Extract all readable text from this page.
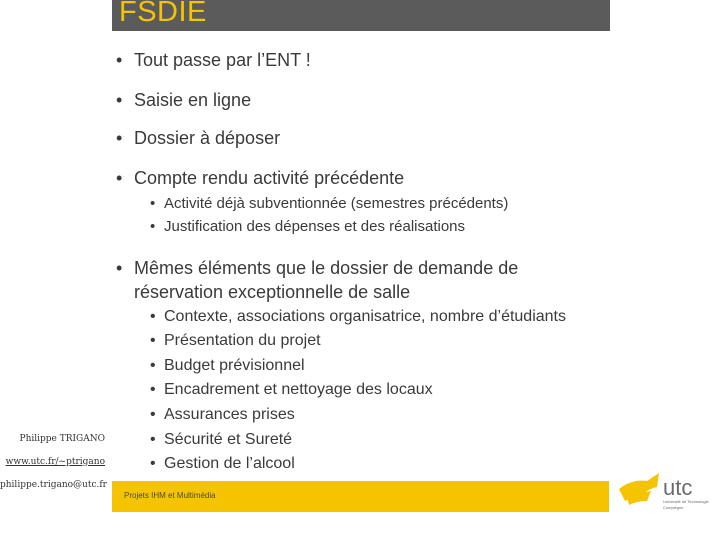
FSDIE
• Tout passe par l’ENT !
• Saisie en ligne
• Dossier à déposer
• Compte rendu activité précédente
• Activité déjà subventionnée (semestres précédents)
• Justification des dépenses et des réalisations
• Mêmes éléments que le dossier de demande de
réservation exceptionnelle de salle
• Contexte, associations organisatrice, nombre d’étudiants
• Présentation du projet
• Budget prévisionnel
• Encadrement et nettoyage des locaux
• Assurances prises
• Sécurité et Sureté
• Gestion de l’alcool
Philippe TRIGANO
www.utc.fr/~ptrigano
philippe.trigano@utc.fr
Projets IHM et Multimédia	utc
Université de Technologie
Compiègne
